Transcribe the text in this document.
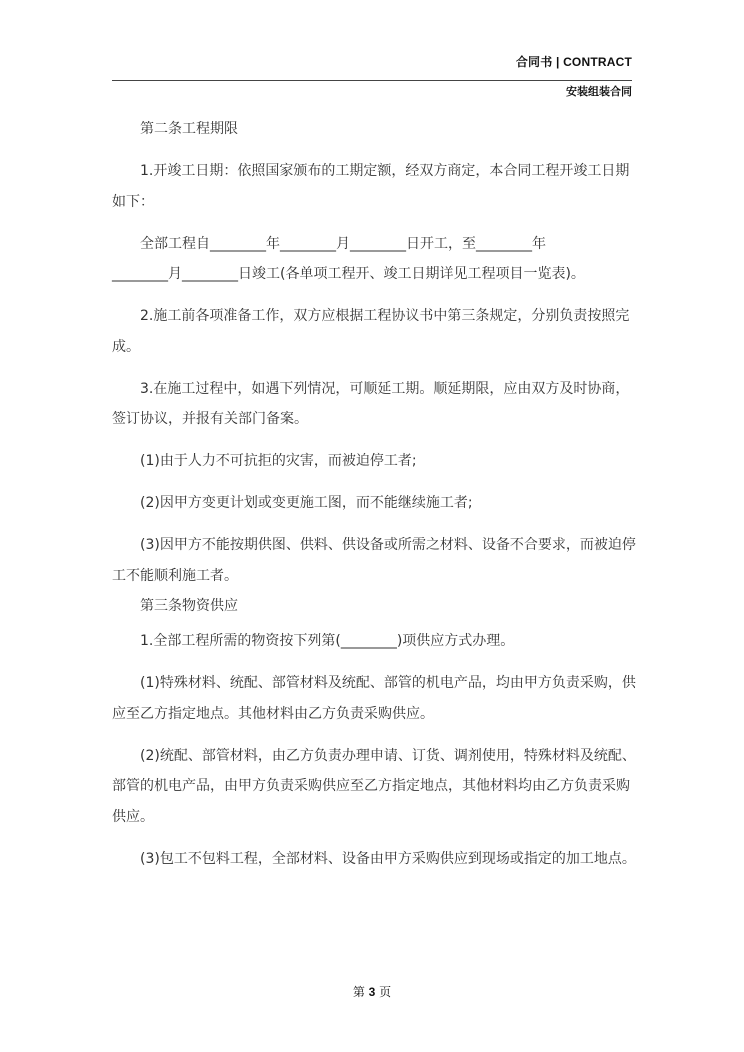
合同书 | CONTRACT
安装组装合同

第二条工程期限

1.开竣工日期：依照国家颁布的工期定额，经双方商定，本合同工程开竣工日期如下：

全部工程自________年________月________日开工，至________年

________月________日竣工(各单项工程开、竣工日期详见工程项目一览表)。

2.施工前各项准备工作，双方应根据工程协议书中第三条规定，分别负责按照完成。

3.在施工过程中，如遇下列情况，可顺延工期。顺延期限，应由双方及时协商，签订协议，并报有关部门备案。

(1)由于人力不可抗拒的灾害，而被迫停工者;

(2)因甲方变更计划或变更施工图，而不能继续施工者;

(3)因甲方不能按期供图、供料、供设备或所需之材料、设备不合要求，而被迫停工不能顺利施工者。

第三条物资供应

1.全部工程所需的物资按下列第(________)项供应方式办理。

(1)特殊材料、统配、部管材料及统配、部管的机电产品，均由甲方负责采购，供应至乙方指定地点。其他材料由乙方负责采购供应。

(2)统配、部管材料，由乙方负责办理申请、订货、调剂使用，特殊材料及统配、部管的机电产品，由甲方负责采购供应至乙方指定地点，其他材料均由乙方负责采购供应。

(3)包工不包料工程，全部材料、设备由甲方采购供应到现场或指定的加工地点。

第 3 页
